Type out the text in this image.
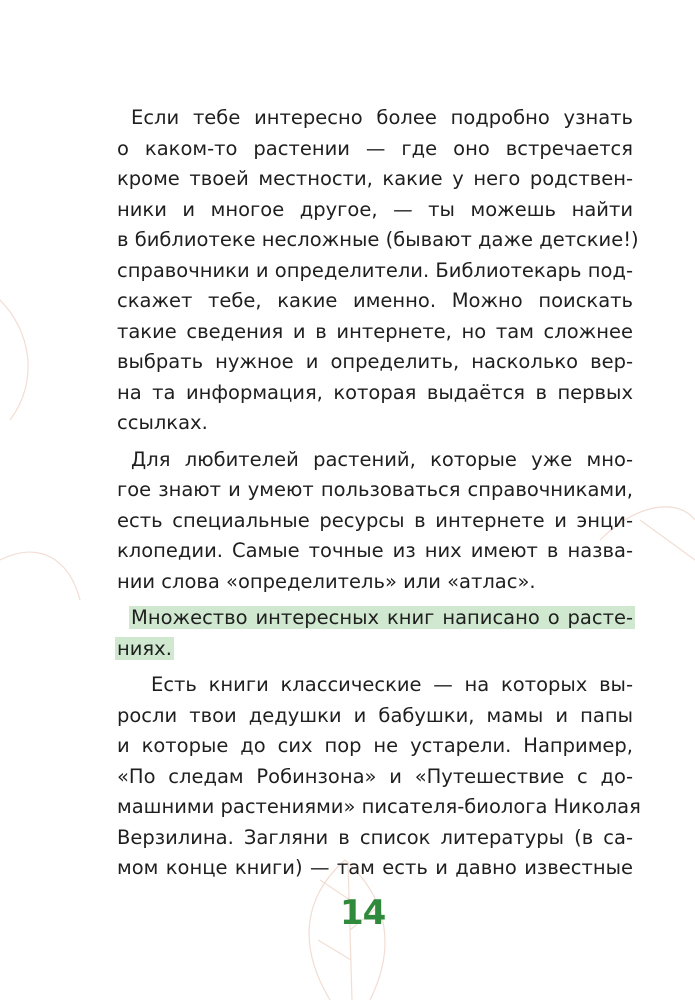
Если тебе интересно более подробно узнать
о каком-то растении — где оно встречается
кроме твоей местности, какие у него родствен-
ники и многое другое, — ты можешь найти
в библиотеке несложные (бывают даже детские!)
справочники и определители. Библиотекарь под-
скажет тебе, какие именно. Можно поискать
такие сведения и в интернете, но там сложнее
выбрать нужное и определить, насколько вер-
на та информация, которая выдаётся в первых
ссылках.
Для любителей растений, которые уже мно-
гое знают и умеют пользоваться справочниками,
есть специальные ресурсы в интернете и энци-
клопедии. Самые точные из них имеют в назва-
нии слова «определитель» или «атлас».
Множество интересных книг написано о расте-
ниях.
Есть книги классические — на которых вы-
росли твои дедушки и бабушки, мамы и папы
и которые до сих пор не устарели. Например,
«По следам Робинзона» и «Путешествие с до-
машними растениями» писателя-биолога Николая
Верзилина. Загляни в список литературы (в са-
мом конце книги) — там есть и давно известные
14
